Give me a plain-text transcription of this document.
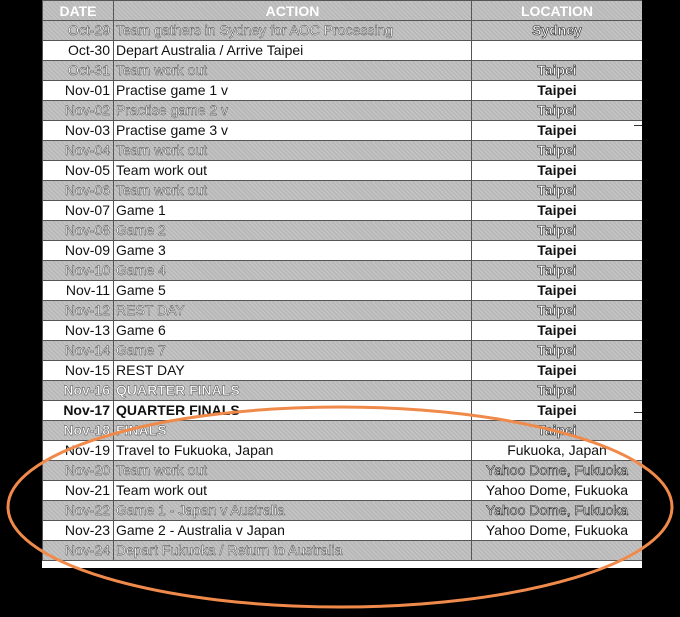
DATE	ACTION	LOCATION
Oct-29	Team gathers in Sydney for AOC Processing	Sydney
Oct-30	Depart Australia / Arrive Taipei	
Oct-31	Team work out	Taipei
Nov-01	Practise game 1 v	Taipei
Nov-02	Practise game 2 v	Taipei
Nov-03	Practise game 3 v	Taipei
Nov-04	Team work out	Taipei
Nov-05	Team work out	Taipei
Nov-06	Team work out	Taipei
Nov-07	Game 1	Taipei
Nov-08	Game 2	Taipei
Nov-09	Game 3	Taipei
Nov-10	Game 4	Taipei
Nov-11	Game 5	Taipei
Nov-12	REST DAY	Taipei
Nov-13	Game 6	Taipei
Nov-14	Game 7	Taipei
Nov-15	REST DAY	Taipei
Nov-16	QUARTER FINALS	Taipei
Nov-17	QUARTER FINALS	Taipei
Nov-18	FINALS	Taipei
Nov-19	Travel to Fukuoka, Japan	Fukuoka, Japan
Nov-20	Team work out	Yahoo Dome, Fukuoka
Nov-21	Team work out	Yahoo Dome, Fukuoka
Nov-22	Game 1 - Japan v Australia	Yahoo Dome, Fukuoka
Nov-23	Game 2 - Australia v Japan	Yahoo Dome, Fukuoka
Nov-24	Depart Fukuoka / Return to Australia	
